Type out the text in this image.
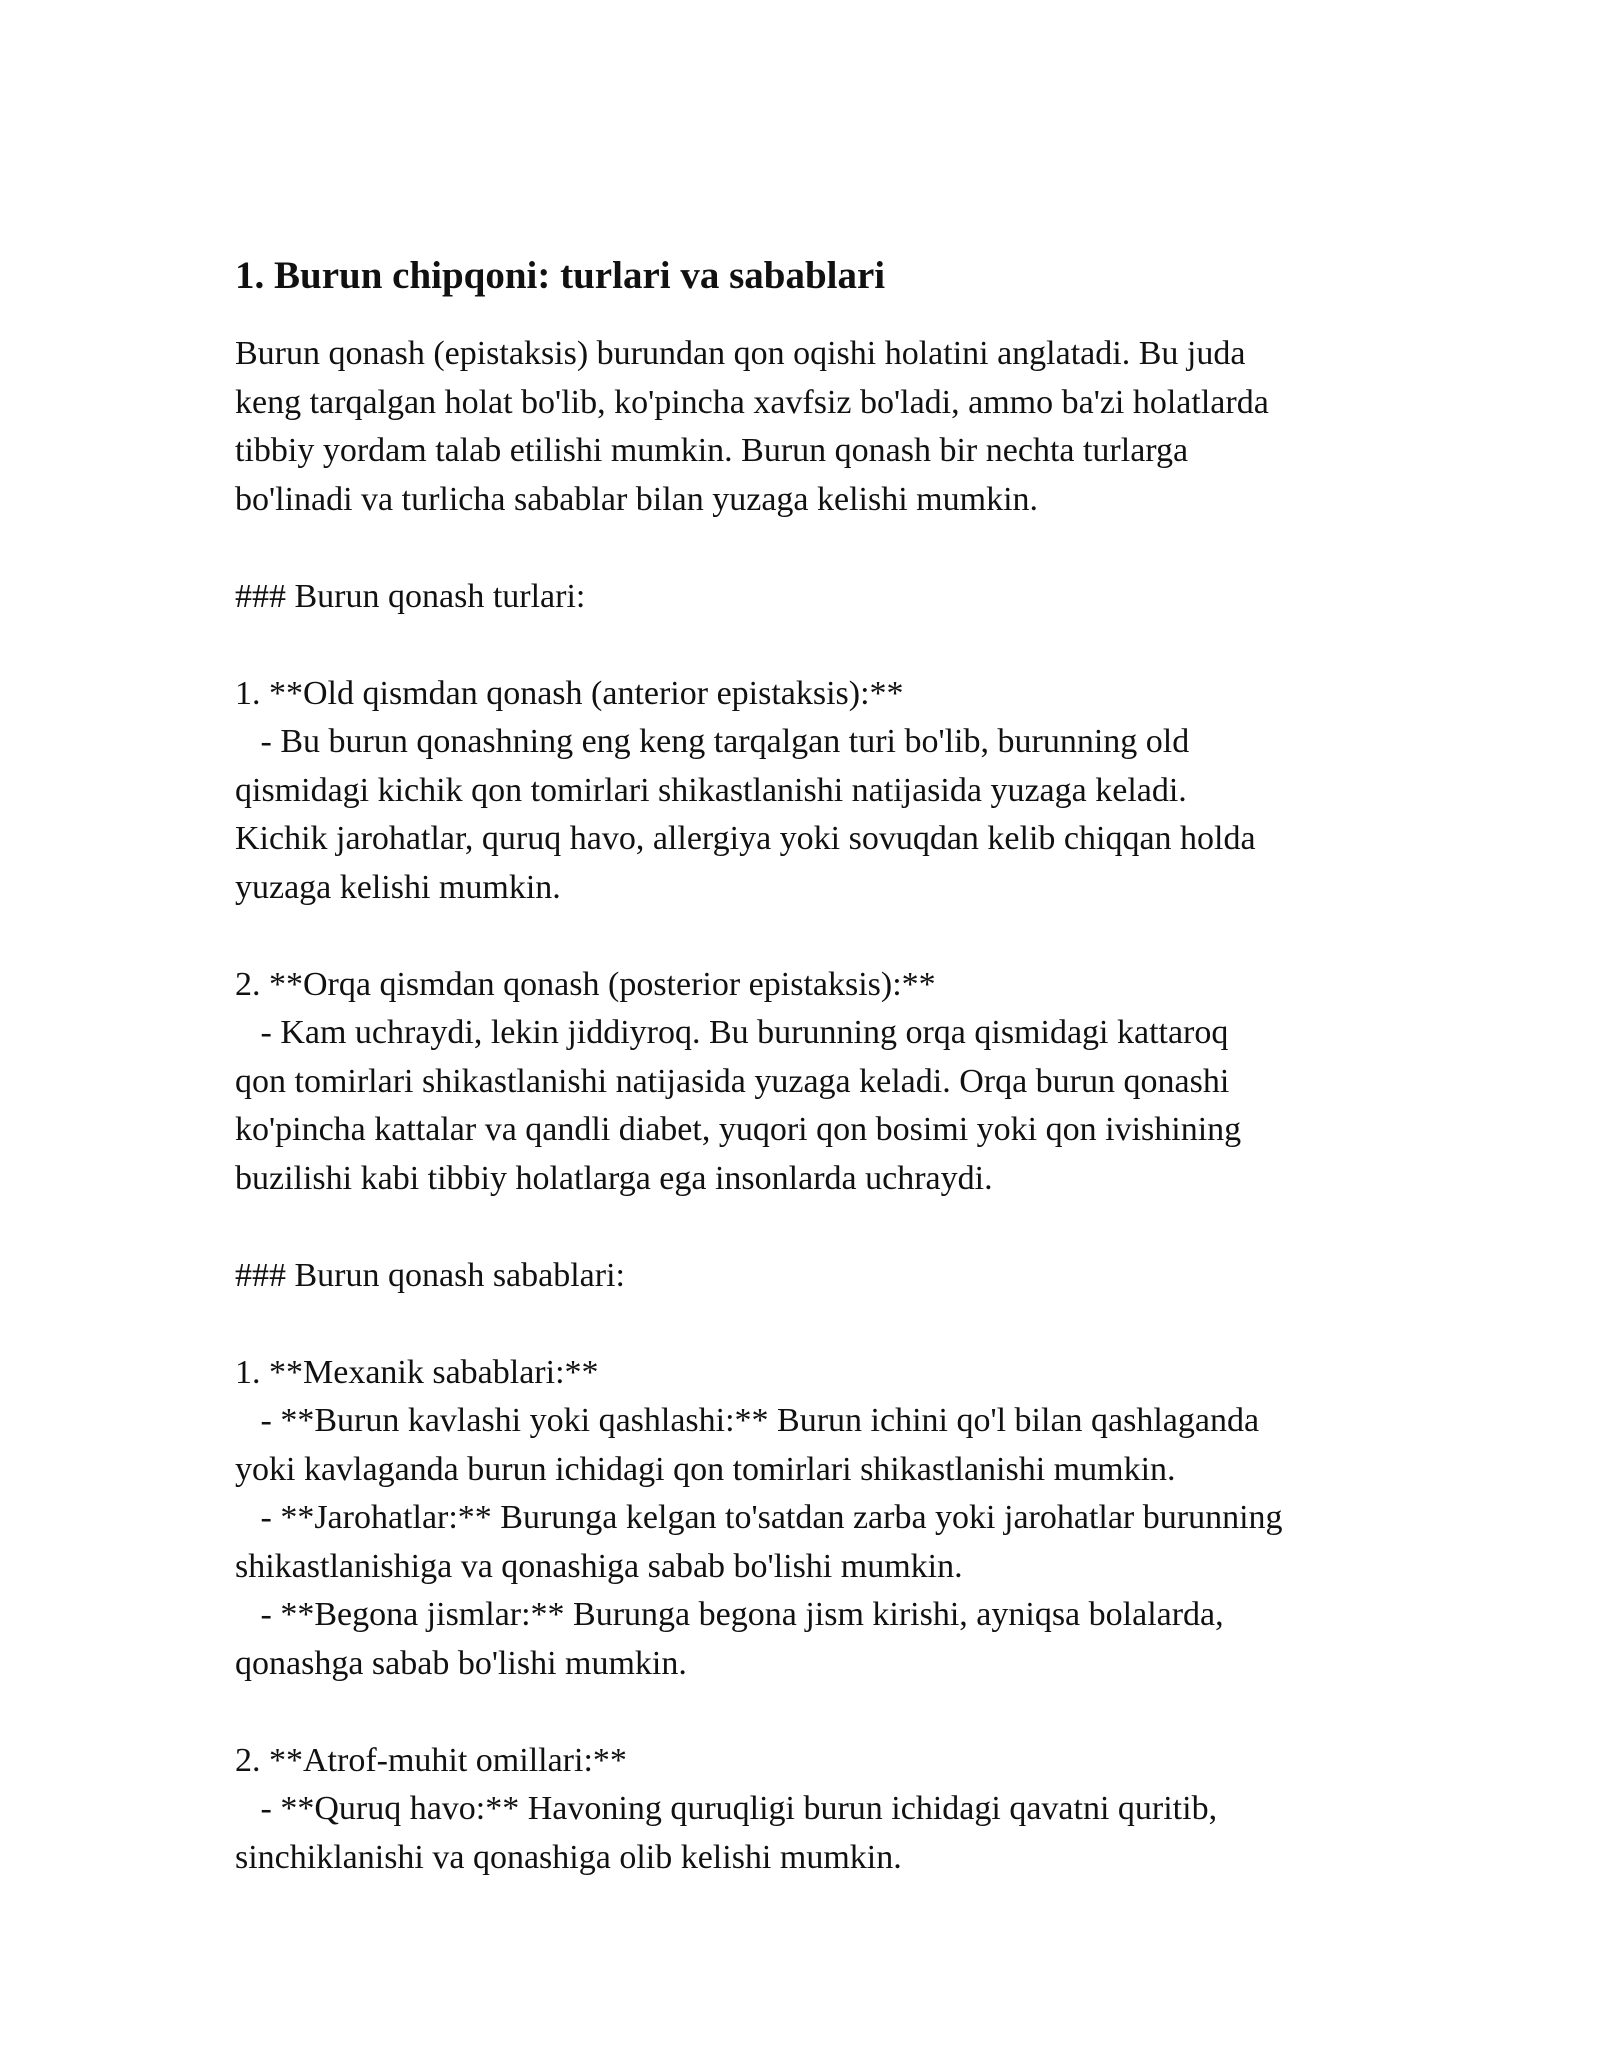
1. Burun chipqoni: turlari va sabablari
Burun qonash (epistaksis) burundan qon oqishi holatini anglatadi. Bu juda
keng tarqalgan holat bo'lib, ko'pincha xavfsiz bo'ladi, ammo ba'zi holatlarda
tibbiy yordam talab etilishi mumkin. Burun qonash bir nechta turlarga
bo'linadi va turlicha sabablar bilan yuzaga kelishi mumkin.
### Burun qonash turlari:
1. **Old qismdan qonash (anterior epistaksis):**
- Bu burun qonashning eng keng tarqalgan turi bo'lib, burunning old
qismidagi kichik qon tomirlari shikastlanishi natijasida yuzaga keladi.
Kichik jarohatlar, quruq havo, allergiya yoki sovuqdan kelib chiqqan holda
yuzaga kelishi mumkin.
2. **Orqa qismdan qonash (posterior epistaksis):**
- Kam uchraydi, lekin jiddiyroq. Bu burunning orqa qismidagi kattaroq
qon tomirlari shikastlanishi natijasida yuzaga keladi. Orqa burun qonashi
ko'pincha kattalar va qandli diabet, yuqori qon bosimi yoki qon ivishining
buzilishi kabi tibbiy holatlarga ega insonlarda uchraydi.
### Burun qonash sabablari:
1. **Mexanik sabablari:**
- **Burun kavlashi yoki qashlashi:** Burun ichini qo'l bilan qashlaganda
yoki kavlaganda burun ichidagi qon tomirlari shikastlanishi mumkin.
- **Jarohatlar:** Burunga kelgan to'satdan zarba yoki jarohatlar burunning
shikastlanishiga va qonashiga sabab bo'lishi mumkin.
- **Begona jismlar:** Burunga begona jism kirishi, ayniqsa bolalarda,
qonashga sabab bo'lishi mumkin.
2. **Atrof-muhit omillari:**
- **Quruq havo:** Havoning quruqligi burun ichidagi qavatni quritib,
sinchiklanishi va qonashiga olib kelishi mumkin.
